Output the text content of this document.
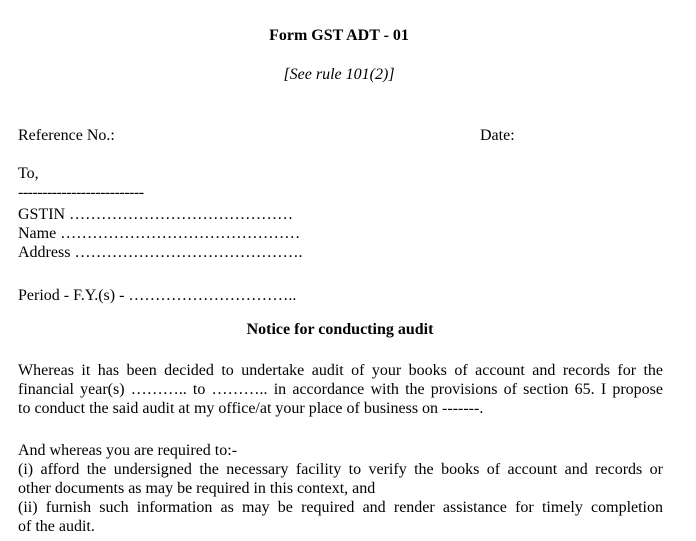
Form GST ADT - 01
[See rule 101(2)]
Reference No.:	Date:
To,
--------------------------
GSTIN ……………………………………
Name ………………………………………
Address …………………………………….
Period - F.Y.(s) - …………………………..
Notice for conducting audit
Whereas it has been decided to undertake audit of your books of account and records for the
financial year(s) ……….. to ……….. in accordance with the provisions of section 65. I propose
to conduct the said audit at my office/at your place of business on -------.
And whereas you are required to:-
(i) afford the undersigned the necessary facility to verify the books of account and records or
other documents as may be required in this context, and
(ii) furnish such information as may be required and render assistance for timely completion
of the audit.
